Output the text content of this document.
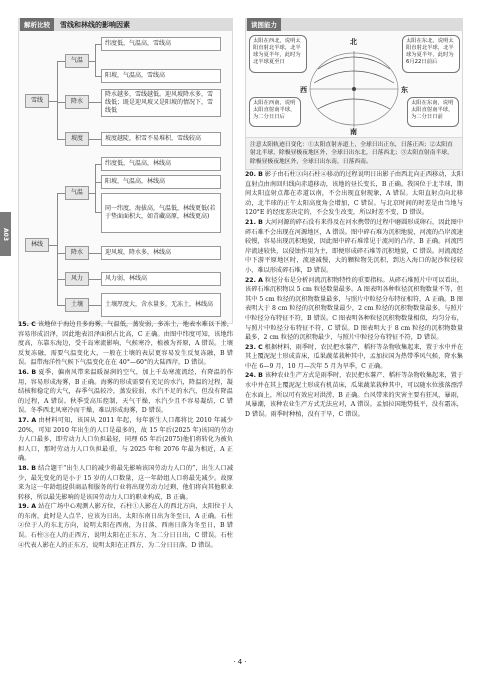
A03
解析比较	雪线和林线的影响因素
雪线
气温
降水
坡度
纬度低，气温高，雪线高
阳坡，气温高，雪线高
降水越多，雪线越低。迎风坡降水多，雪线低；既是迎风坡又是阳坡的情况下，雪线低
坡度越陡，积雪不易堆积，雪线较高
林线
气温
降水
风力
土壤
纬度低，气温高，林线高
阳坡，气温高，林线高
同一纬度，海拔高，气温低，林线更低(若于垫面面积大，如青藏高原，林线更高)
迎风坡，降水多，林线高
风力弱，林线高
土壤厚度大，含水量多，无冻土，林线高

15. C 该地位于海边且多海雾，气温低，蒸发弱，多冻土，地表水难以下渗，容易形成沼泽，因此地表沼泽面积占比高，C 正确。由图中纬度可知，该地纬度高，东靠东海边，受千岛寒流影响，气候寒冷，植被为苔原，A 错误。土壤反复冻融，需要气温变化大，一般在土壤的表层更容易发生反复冻融，B 错误。温带海洋性气候下气温变化在在 40°—60°的大陆西岸，D 错误。

16. B 夏季，偏南风带来温暖湿润的空气，加上千岛寒流流经，有降温的作用，容易形成海雾，B 正确。海雾的形成需要有充足的水汽，降温的过程，凝结核和稳定的大气，春季气温较冷，蒸发较弱，水汽不足的水汽，但没有降温的过程，A 错误。秋季受高压控制，天气干燥，水汽少且不容易凝结，C 错误。冬季西北风寒冷而干燥，难以形成海雾，D 错误。

17. A 由材料可知，该国从 2011 年起，每年新生人口都将比 2010 年减少 20%，可知 2010 年出生的人口是最多的，故 15 年后(2025 年)该国的劳动力人口最多，即劳动力人口负担最轻，同理 65 年后(2075)他们将转化为被负担人口，那时劳动力人口负担最重，与 2025 年和 2076 年最为相近，A 正确。

18. B 结合题干“出生人口的减少将最先影响该国劳动力人口的”，出生人口减少，最先变化的是小于 15 岁的人口数量，这一年龄组人口将最先减少。故原来为这一年龄组提供商品和服务的行业将出现劳动力过剩，他们将向其他职业转移，所以最先影响的是该国劳动力人口的职业构成，B 正确。

19. A 站在广场中心观测人影方位，石柱①人影在人的西北方向，太阳位于人的东南，此时是人点半，应该为日出，太阳东南日出为冬至日，A 正确。石柱②位于人的东北方向，说明太阳在西南，为日落，西南日落为冬至日，B 错误。石柱③在人的正西方，说明太阳在正东方，为二分日日出，C 错误。石柱④代表人影在人的正东方，说明太阳在正西方，为二分日日落，D 错误。

读图能力
北
南
西	东
太阳在西北，说明太阳直射北半球，北半球为夏半年，此时为北半球夏至日
太阳在东北，说明太阳直射北半球，北半球为夏半年，此时为6月22日前后
太阳在西南，说明太阳直射南半球，为二分日日后
太阳在东南，说明太阳直射南半球，为二分日日前
注意太阳轨迹日变化：①太阳直射赤道上，全球日出正东，日落正西；②太阳直射北半球，除极昼极夜地区外，全球日出东北，日落西北；③太阳直射南半球，除极昼极夜地区外，全球日出东南，日落西南。

20. B 影子由石柱③向石柱④移动的过程说明日出影子由西北向正西移动，太阳直射点由南回归线向赤道移动，该地的昼长变长，B 正确。我国位于北半球，期间太阳直射点都在赤道以南，不会出现直射现象，A 错误。太阳直射点向北移动，北半球的正午太阳高度角会增加，C 错误。与北京时间的时差是由当地与 120°E 的经度差决定的，不会发生改变，所以时差不变，D 错误。

21. B 大河河源的碎石没有来得及在河水携带的过程中磨圆形成卵石，因此图中碎石难不会出现在河源地区，A 错误。图中碎石堆为沉积地貌，河流的凸岸流速较慢，容易出现沉积地貌，因此图中碎石堆常见于流河的凸岸，B 正确。河流凹岸流速较快，以侵蚀作用为主，即便形成碎石堆等沉积地貌，C 错误。河流流经中下游平原地区时，流速减慢，大的颗粒物先沉积，到达入海口的泥沙粒径较小，难以形成碎石堆，D 错误。

22. A 粒径分布是分析河流沉积物特性的重要指标。从碎石堆照片中可以看出，该碎石堆沉积物以 5 cm 粒径数量最多。A 图表明各种粒径沉积物数量不等，但其中 5 cm 粒径的沉积物数量最多，与照片中粒径分布特征相符，A 正确。B 图表明大于 8 cm 粒径的沉积物数量最少，2 cm 粒径的沉积物数量最多，与照片中粒径分布特征不符，B 错误。C 图表明各种粒径沉积物数量相似，均匀分布，与照片中粒径分布特征不符，C 错误。D 图表明大于 8 cm 粒径的沉积物数量最多，2 cm 粒径的沉积物最少，与照片中粒径分布特征不符，D 错误。

23. C 根据材料，雨季时，农民把水薯产，稻秆等杂物收集起来，置于水中并在其上覆泥泥土形成苗床，瓜果蔬菜栽种其中，孟加拉国为热带季风气候，降水集中在 6—9 月，10 月—次年 5 月为旱季，C 正确。

24. B 该种农业生产方式是雨季时，农民把水薯产、稻秆等杂物收集起来，置于水中并在其上覆泥泥土形成有机苗床，瓜果蔬菜栽种其中，可以随水位涨落漂浮在水面上，所以可有效应对洪涝，B 正确。台风带来的灾害主要有狂风，暴雨，风暴潮，该种农业生产方式无法应对，A 错误。孟加拉国地势低平，没有霜冻，D 错误。雨季时种植，没有干旱，C 错误。

· 4 ·
